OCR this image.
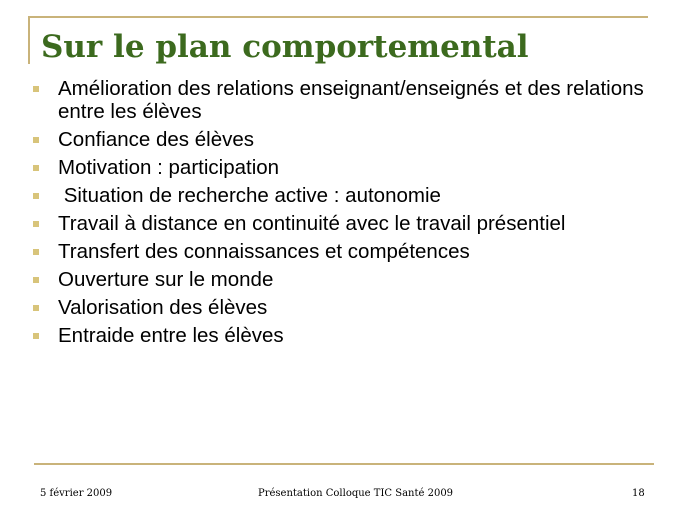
Sur le plan comportemental
Amélioration des relations enseignant/enseignés et des relations entre les élèves
Confiance des élèves
Motivation : participation
Situation de recherche active : autonomie
Travail à distance en continuité avec le travail présentiel
Transfert des connaissances et compétences
Ouverture sur le monde
Valorisation des élèves
Entraide entre les élèves
5 février 2009	Présentation Colloque TIC Santé 2009	18
